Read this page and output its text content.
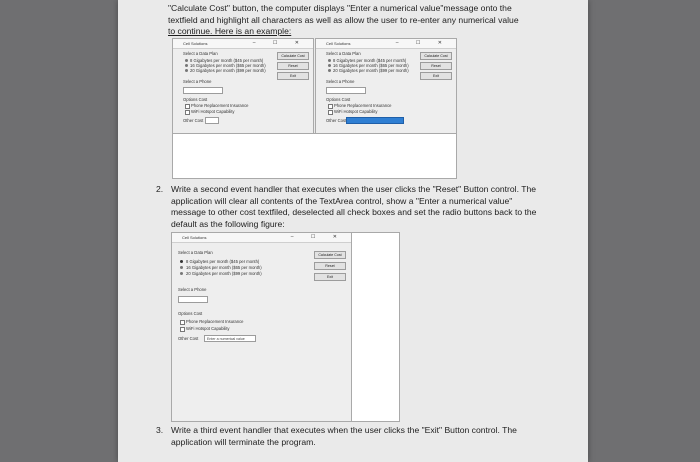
"Calculate Cost" button, the computer displays "Enter a numerical value"message onto the
textfield and highlight all characters as well as allow the user to re-enter any numerical value
to continue. Here is an example:
Cell Solutions	– ☐ ✕
Select a Data Plan
8 Gigabytes per month ($45 per month)
16 Gigabytes per month ($65 per month)
20 Gigabytes per month ($99 per month)
Calculate Cost
Reset
Exit
Select a Phone
Options Cost
Phone Replacement Insurance
WiFi Hotspot Capability
Other Cost
Cell Solutions	– ☐ ✕
Select a Data Plan
8 Gigabytes per month ($45 per month)
16 Gigabytes per month ($65 per month)
20 Gigabytes per month ($99 per month)
Calculate Cost
Reset
Exit
Select a Phone
Options Cost
Phone Replacement Insurance
WiFi Hotspot Capability
Other Cost
2. Write a second event handler that executes when the user clicks the "Reset" Button control. The
application will clear all contents of the TextArea control, show a "Enter a numerical value"
message to other cost textfiled, deselected all check boxes and set the radio buttons back to the
default as the following figure:
Cell Solutions	– ☐ ✕
Select a Data Plan
8 Gigabytes per month ($45 per month)
16 Gigabytes per month ($65 per month)
20 Gigabytes per month ($99 per month)
Calculate Cost
Reset
Exit
Select a Phone
Options Cost
Phone Replacement Insurance
WiFi Hotspot Capability
Other Cost	Enter a numerical value
3. Write a third event handler that executes when the user clicks the "Exit" Button control. The
application will terminate the program.
